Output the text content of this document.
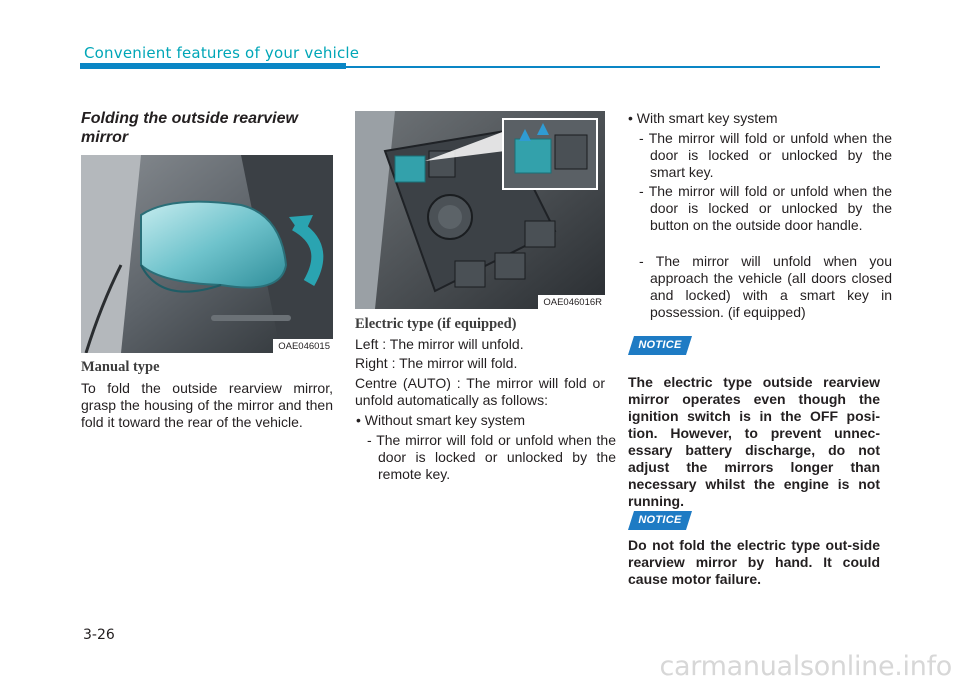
Convenient features of your vehicle
Folding the outside rearview mirror
OAE046015
Manual type
To fold the outside rearview mirror, grasp the housing of the mirror and then fold it toward the rear of the vehicle.
OAE046016R
Electric type (if equipped)
Left : The mirror will unfold.
Right : The mirror will fold.
Centre (AUTO) : The mirror will fold or unfold automatically as follows:
• Without smart key system
- The mirror will fold or unfold when the door is locked or unlocked by the remote key.
• With smart key system
- The mirror will fold or unfold when the door is locked or unlocked by the smart key.
- The mirror will fold or unfold when the door is locked or unlocked by the button on the outside door handle.
- The mirror will unfold when you approach the vehicle (all doors closed and locked) with a smart key in possession. (if equipped)
NOTICE
The electric type outside rearview mirror operates even though the ignition switch is in the OFF posi-tion. However, to prevent unnec-essary battery discharge, do not adjust the mirrors longer than necessary whilst the engine is not running.
NOTICE
Do not fold the electric type out-side rearview mirror by hand. It could cause motor failure.
3-26
carmanualsonline.info
